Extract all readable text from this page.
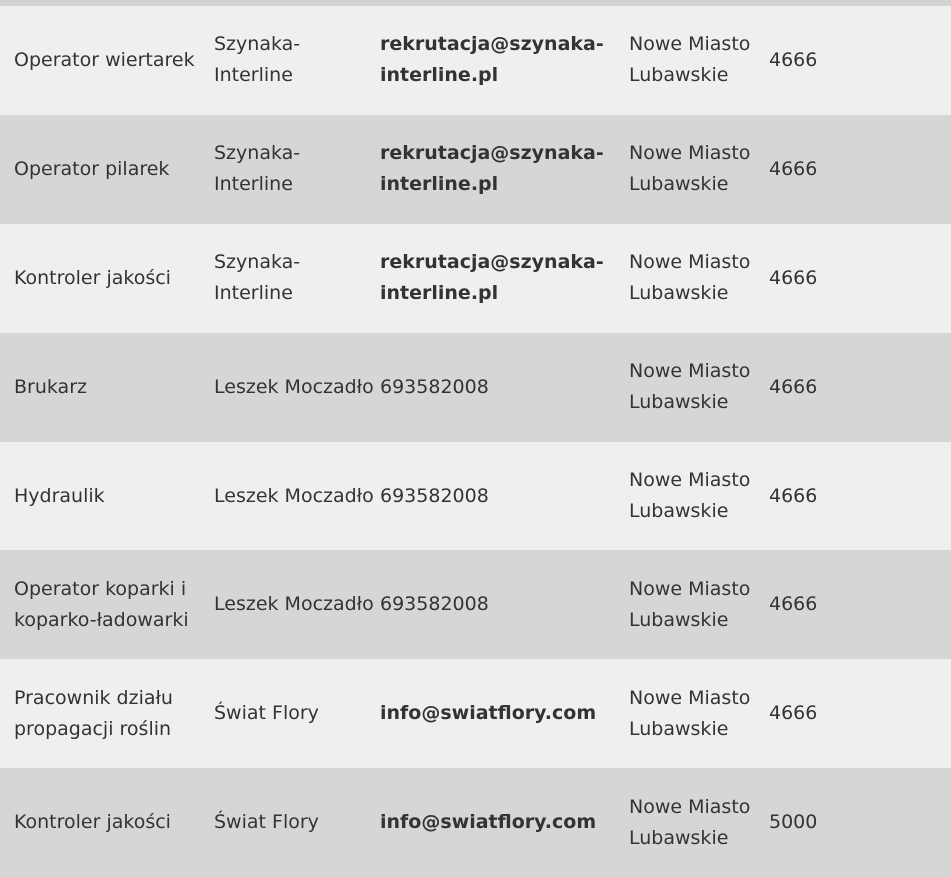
Operator wiertarek	Szynaka-Interline	rekrutacja@szynaka-interline.pl	Nowe Miasto Lubawskie	4666
Operator pilarek	Szynaka-Interline	rekrutacja@szynaka-interline.pl	Nowe Miasto Lubawskie	4666
Kontroler jakości	Szynaka-Interline	rekrutacja@szynaka-interline.pl	Nowe Miasto Lubawskie	4666
Brukarz	Leszek Moczadło	693582008	Nowe Miasto Lubawskie	4666
Hydraulik	Leszek Moczadło	693582008	Nowe Miasto Lubawskie	4666
Operator koparki i koparko-ładowarki	Leszek Moczadło	693582008	Nowe Miasto Lubawskie	4666
Pracownik działu propagacji roślin	Świat Flory	info@swiatflory.com	Nowe Miasto Lubawskie	4666
Kontroler jakości	Świat Flory	info@swiatflory.com	Nowe Miasto Lubawskie	5000
